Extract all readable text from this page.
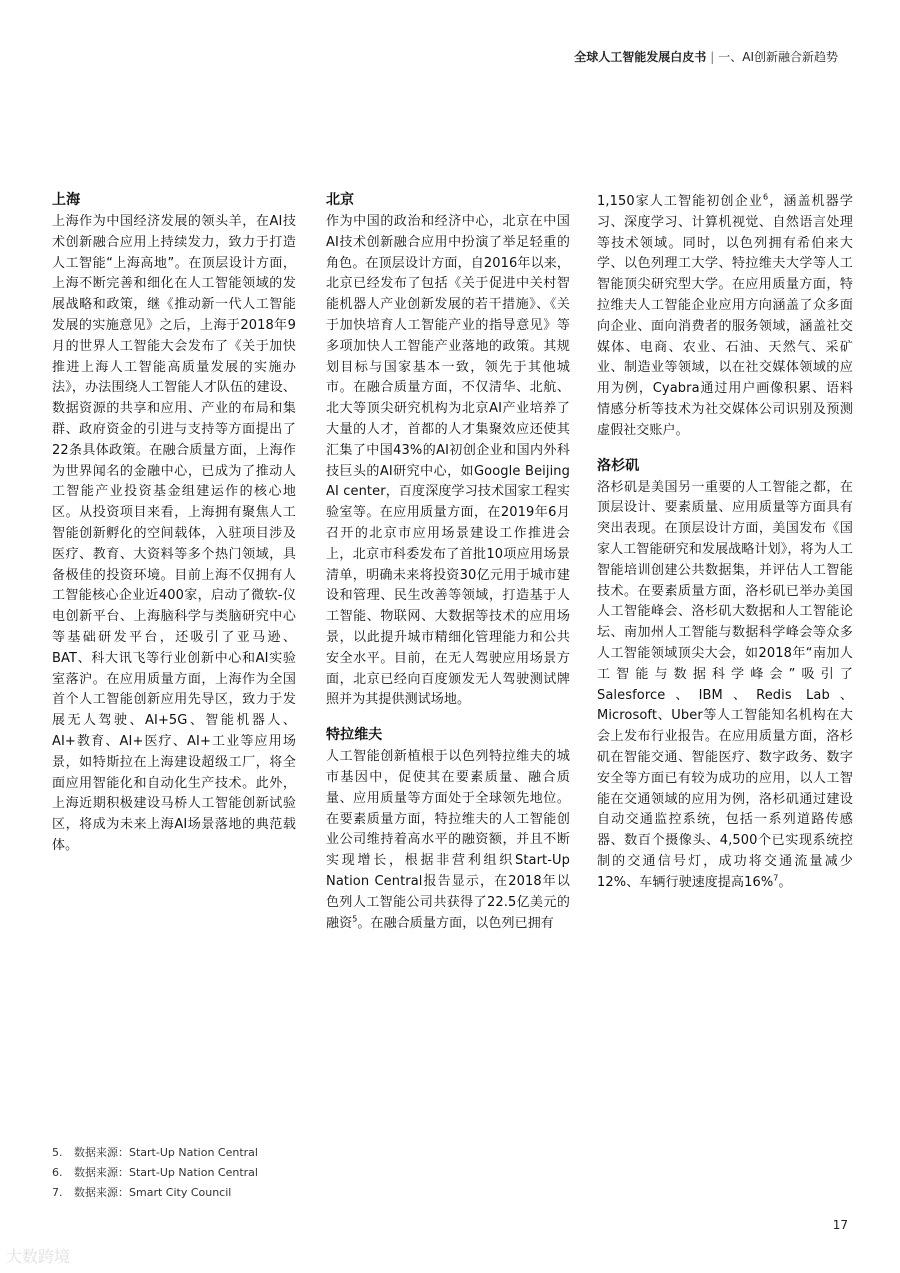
全球人工智能发展白皮书 | 一、AI创新融合新趋势
上海
上海作为中国经济发展的领头羊，在AI技术创新融合应用上持续发力，致力于打造人工智能“上海高地”。在顶层设计方面，上海不断完善和细化在人工智能领域的发展战略和政策，继《推动新一代人工智能发展的实施意见》之后，上海于2018年9月的世界人工智能大会发布了《关于加快推进上海人工智能高质量发展的实施办法》，办法围绕人工智能人才队伍的建设、数据资源的共享和应用、产业的布局和集群、政府资金的引进与支持等方面提出了22条具体政策。在融合质量方面，上海作为世界闻名的金融中心，已成为了推动人工智能产业投资基金组建运作的核心地区。从投资项目来看，上海拥有聚焦人工智能创新孵化的空间载体，入驻项目涉及医疗、教育、大资料等多个热门领域，具备极佳的投资环境。目前上海不仅拥有人工智能核心企业近400家，启动了微软-仪电创新平台、上海脑科学与类脑研究中心等基础研发平台，还吸引了亚马逊、BAT、科大讯飞等行业创新中心和AI实验室落沪。在应用质量方面，上海作为全国首个人工智能创新应用先导区，致力于发展无人驾驶、AI+5G、智能机器人、AI+教育、AI+医疗、AI+工业等应用场景，如特斯拉在上海建设超级工厂，将全面应用智能化和自动化生产技术。此外，上海近期积极建设马桥人工智能创新试验区，将成为未来上海AI场景落地的典范载体。
北京
作为中国的政治和经济中心，北京在中国AI技术创新融合应用中扮演了举足轻重的角色。在顶层设计方面，自2016年以来，北京已经发布了包括《关于促进中关村智能机器人产业创新发展的若干措施》、《关于加快培育人工智能产业的指导意见》等多项加快人工智能产业落地的政策。其规划目标与国家基本一致，领先于其他城市。在融合质量方面，不仅清华、北航、北大等顶尖研究机构为北京AI产业培养了大量的人才，首都的人才集聚效应还使其汇集了中国43%的AI初创企业和国内外科技巨头的AI研究中心，如Google Beijing AI center，百度深度学习技术国家工程实验室等。在应用质量方面，在2019年6月召开的北京市应用场景建设工作推进会上，北京市科委发布了首批10项应用场景清单，明确未来将投资30亿元用于城市建设和管理、民生改善等领域，打造基于人工智能、物联网、大数据等技术的应用场景，以此提升城市精细化管理能力和公共安全水平。目前，在无人驾驶应用场景方面，北京已经向百度颁发无人驾驶测试牌照并为其提供测试场地。
特拉维夫
人工智能创新植根于以色列特拉维夫的城市基因中，促使其在要素质量、融合质量、应用质量等方面处于全球领先地位。在要素质量方面，特拉维夫的人工智能创业公司维持着高水平的融资额，并且不断实现增长，根据非营利组织Start-Up Nation Central报告显示，在2018年以色列人工智能公司共获得了22.5亿美元的融资$^5$。在融合质量方面，以色列已拥有
1,150家人工智能初创企业$^6$，涵盖机器学习、深度学习、计算机视觉、自然语言处理等技术领域。同时，以色列拥有希伯来大学、以色列理工大学、特拉维夫大学等人工智能顶尖研究型大学。在应用质量方面，特拉维夫人工智能企业应用方向涵盖了众多面向企业、面向消费者的服务领域，涵盖社交媒体、电商、农业、石油、天然气、采矿业、制造业等领域，以在社交媒体领域的应用为例，Cyabra通过用户画像积累、语料情感分析等技术为社交媒体公司识别及预测虚假社交账户。
洛杉矶
洛杉矶是美国另一重要的人工智能之都，在顶层设计、要素质量、应用质量等方面具有突出表现。在顶层设计方面，美国发布《国家人工智能研究和发展战略计划》，将为人工智能培训创建公共数据集，并评估人工智能技术。在要素质量方面，洛杉矶已举办美国人工智能峰会、洛杉矶大数据和人工智能论坛、南加州人工智能与数据科学峰会等众多人工智能领域顶尖大会，如2018年“南加人工智能与数据科学峰会”吸引了Salesforce、IBM、Redis Lab、Microsoft、Uber等人工智能知名机构在大会上发布行业报告。在应用质量方面，洛杉矶在智能交通、智能医疗、数字政务、数字安全等方面已有较为成功的应用，以人工智能在交通领域的应用为例，洛杉矶通过建设自动交通监控系统，包括一系列道路传感器、数百个摄像头、4,500个已实现系统控制的交通信号灯，成功将交通流量减少12%、车辆行驶速度提高16%$^7$。
5. 数据来源：Start-Up Nation Central
6. 数据来源：Start-Up Nation Central
7. 数据来源：Smart City Council
17
大数跨境
